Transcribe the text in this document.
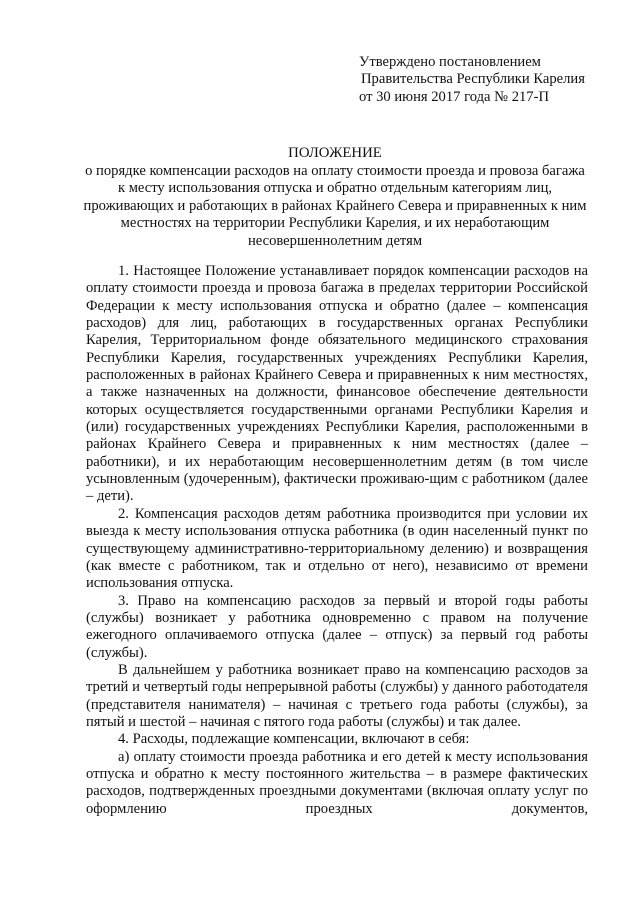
Утверждено постановлением
Правительства Республики Карелия
от 30 июня 2017 года № 217-П
ПОЛОЖЕНИЕ
о порядке компенсации расходов на оплату стоимости проезда и провоза багажа к месту использования отпуска и обратно отдельным категориям лиц, проживающих и работающих в районах Крайнего Севера и приравненных к ним местностях на территории Республики Карелия, и их неработающим несовершеннолетним детям

1. Настоящее Положение устанавливает порядок компенсации расходов на оплату стоимости проезда и провоза багажа в пределах территории Российской Федерации к месту использования отпуска и обратно (далее – компенсация расходов) для лиц, работающих в государственных органах Республики Карелия, Территориальном фонде обязательного медицинского страхования Республики Карелия, государственных учреждениях Республики Карелия, расположенных в районах Крайнего Севера и приравненных к ним местностях, а также назначенных на должности, финансовое обеспечение деятельности которых осуществляется государственными органами Республики Карелия и (или) государственных учреждениях Республики Карелия, расположенными в районах Крайнего Севера и приравненных к ним местностях (далее – работники), и их неработающим несовершеннолетним детям (в том числе усыновленным (удочеренным), фактически проживаю-щим с работником (далее – дети).

2. Компенсация расходов детям работника производится при условии их выезда к месту использования отпуска работника (в один населенный пункт по существующему административно-территориальному делению) и возвращения (как вместе с работником, так и отдельно от него), независимо от времени использования отпуска.

3. Право на компенсацию расходов за первый и второй годы работы (службы) возникает у работника одновременно с правом на получение ежегодного оплачиваемого отпуска (далее – отпуск) за первый год работы (службы).

В дальнейшем у работника возникает право на компенсацию расходов за третий и четвертый годы непрерывной работы (службы) у данного работодателя (представителя нанимателя) – начиная с третьего года работы (службы), за пятый и шестой – начиная с пятого года работы (службы) и так далее.

4. Расходы, подлежащие компенсации, включают в себя:

а) оплату стоимости проезда работника и его детей к месту использования отпуска и обратно к месту постоянного жительства – в размере фактических расходов, подтвержденных проездными документами (включая оплату услуг по оформлению проездных документов,
